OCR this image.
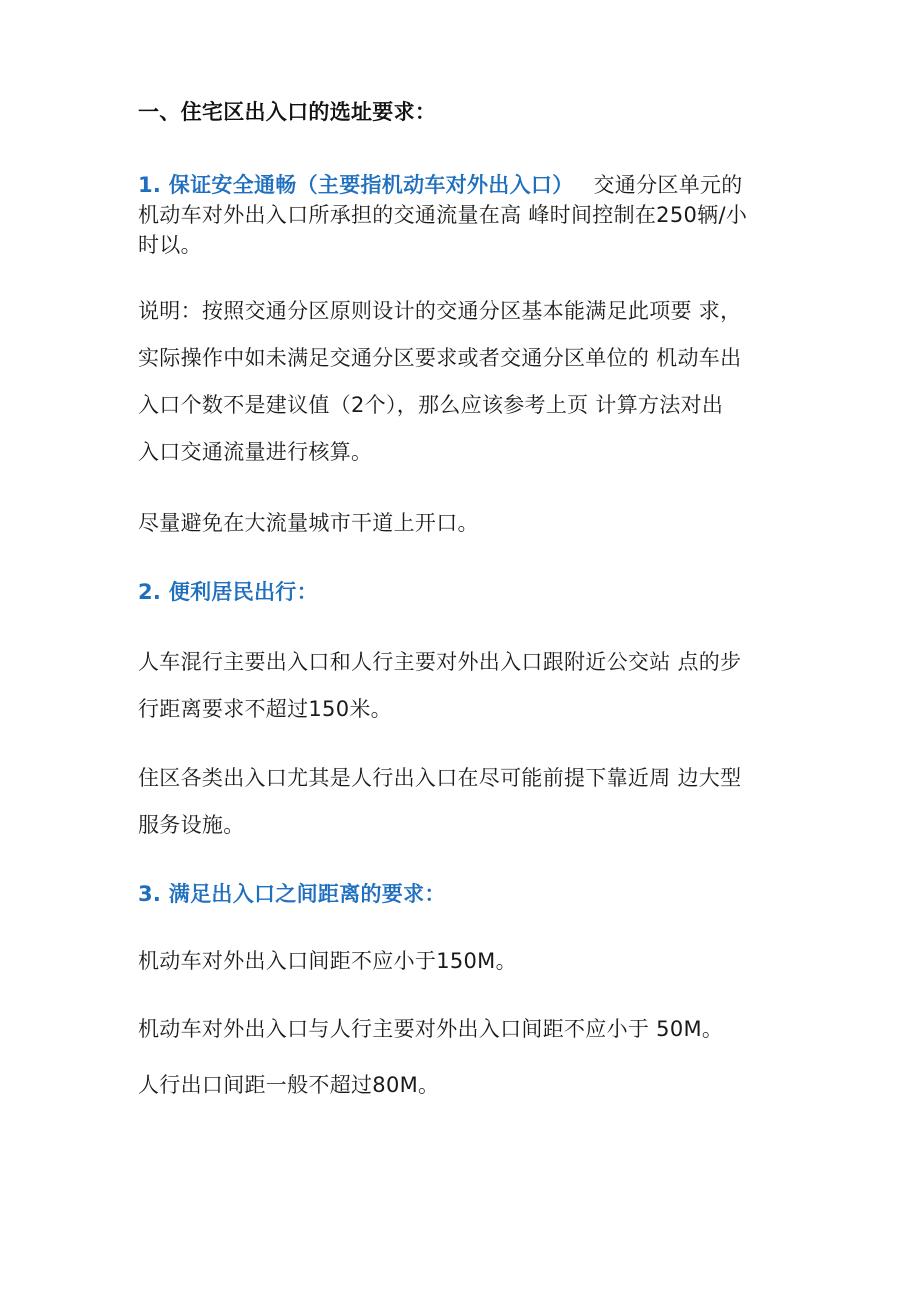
一、住宅区出入口的选址要求：
1. 保证安全通畅（主要指机动车对外出入口） 交通分区单元的
机动车对外出入口所承担的交通流量在高 峰时间控制在250辆/小
时以。
说明：按照交通分区原则设计的交通分区基本能满足此项要 求，
实际操作中如未满足交通分区要求或者交通分区单位的 机动车出
入口个数不是建议值（2个），那么应该参考上页 计算方法对出
入口交通流量进行核算。
尽量避免在大流量城市干道上开口。
2. 便利居民出行：
人车混行主要出入口和人行主要对外出入口跟附近公交站 点的步
行距离要求不超过150米。
住区各类出入口尤其是人行出入口在尽可能前提下靠近周 边大型
服务设施。
3. 满足出入口之间距离的要求：
机动车对外出入口间距不应小于150M。
机动车对外出入口与人行主要对外出入口间距不应小于 50M。
人行出口间距一般不超过80M。
